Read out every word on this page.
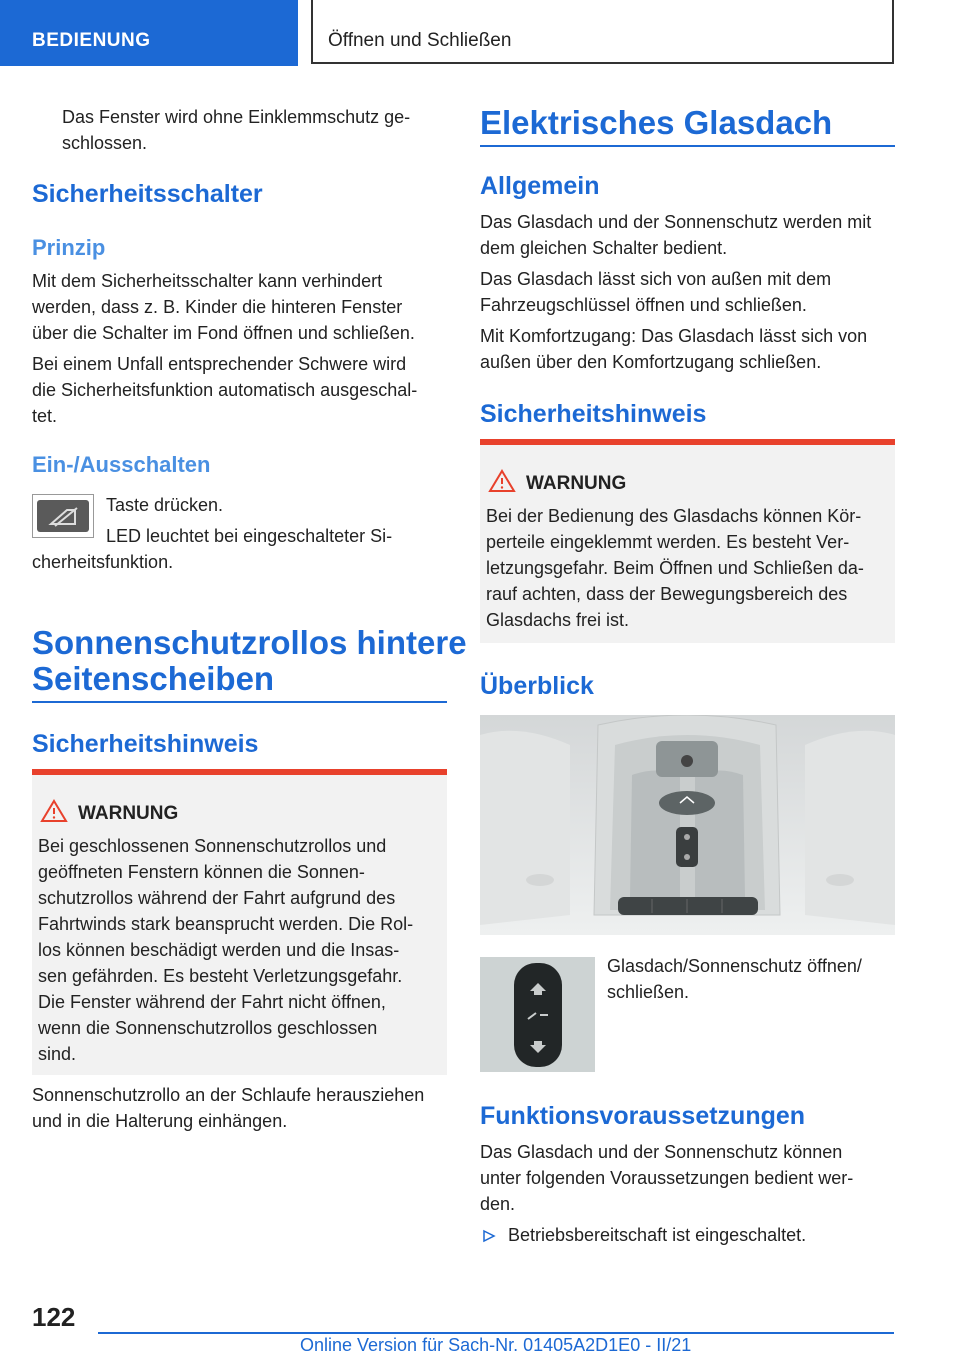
BEDIENUNG	Öffnen und Schließen

Das Fenster wird ohne Einklemmschutz ge-

schlossen.

Sicherheitsschalter
Prinzip

Mit dem Sicherheitsschalter kann verhindert

werden, dass z. B. Kinder die hinteren Fenster

über die Schalter im Fond öffnen und schließen.

Bei einem Unfall entsprechender Schwere wird

die Sicherheitsfunktion automatisch ausgeschal-

tet.

Ein-/Ausschalten

Taste drücken.

LED leuchtet bei eingeschalteter Si-

cherheitsfunktion.

Sonnenschutzrollos hintere
Seitenscheiben
Sicherheitshinweis
WARNUNG
Bei geschlossenen Sonnenschutzrollos und
geöffneten Fenstern können die Sonnen-
schutzrollos während der Fahrt aufgrund des
Fahrtwinds stark beansprucht werden. Die Rol-
los können beschädigt werden und die Insas-
sen gefährden. Es besteht Verletzungsgefahr.
Die Fenster während der Fahrt nicht öffnen,
wenn die Sonnenschutzrollos geschlossen
sind.

Sonnenschutzrollo an der Schlaufe herausziehen

und in die Halterung einhängen.

Elektrisches Glasdach
Allgemein

Das Glasdach und der Sonnenschutz werden mit

dem gleichen Schalter bedient.

Das Glasdach lässt sich von außen mit dem

Fahrzeugschlüssel öffnen und schließen.

Mit Komfortzugang: Das Glasdach lässt sich von

außen über den Komfortzugang schließen.

Sicherheitshinweis
WARNUNG
Bei der Bedienung des Glasdachs können Kör-
perteile eingeklemmt werden. Es besteht Ver-
letzungsgefahr. Beim Öffnen und Schließen da-
rauf achten, dass der Bewegungsbereich des
Glasdachs frei ist.
Überblick

Glasdach/Sonnenschutz öffnen/

schließen.

Funktionsvoraussetzungen

Das Glasdach und der Sonnenschutz können

unter folgenden Voraussetzungen bedient wer-

den.

Betriebsbereitschaft ist eingeschaltet.

122
Online Version für Sach-Nr. 01405A2D1E0 - II/21
